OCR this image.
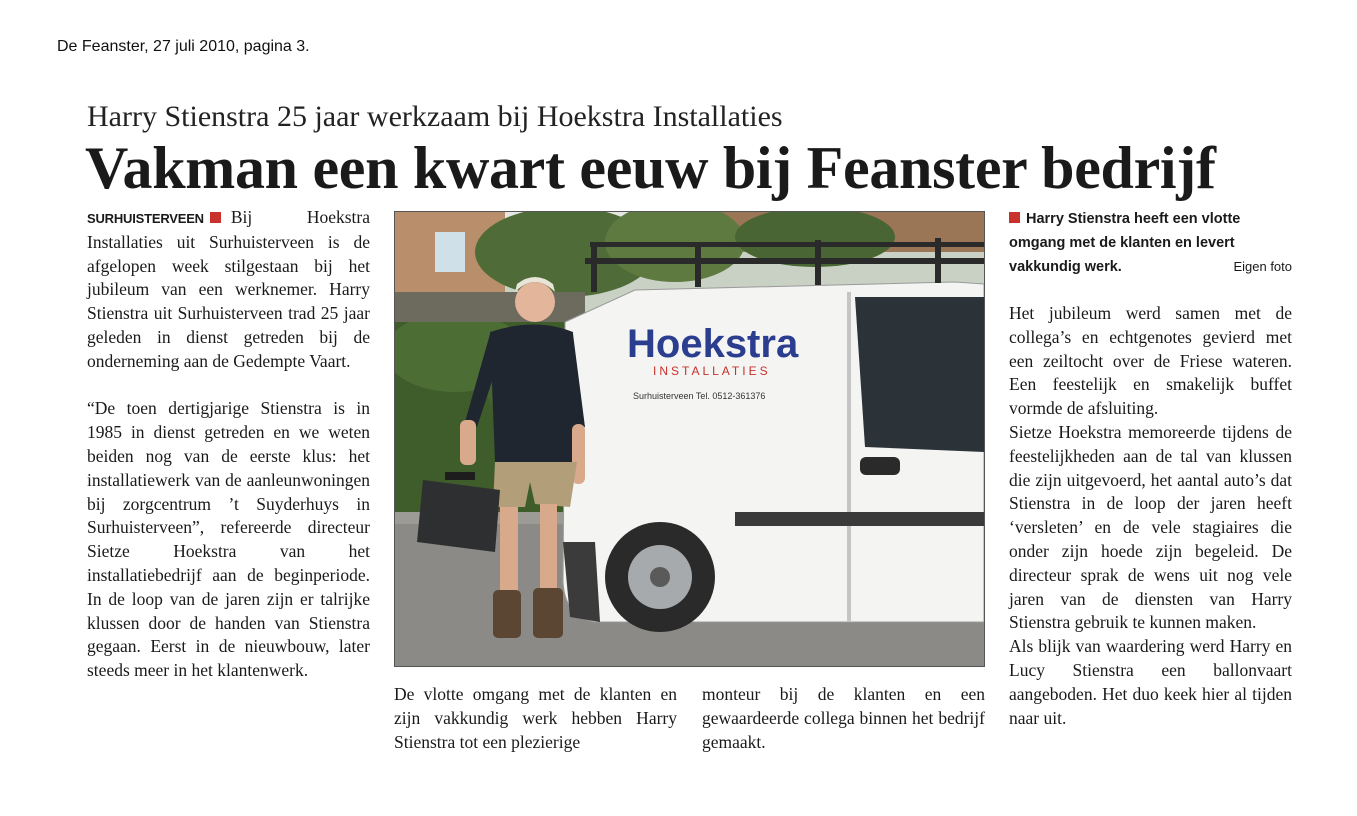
De Feanster, 27 juli 2010, pagina 3.
Harry Stienstra 25 jaar werkzaam bij Hoekstra Installaties
Vakman een kwart eeuw bij Feanster bedrijf

SURHUISTERVEEN Bij Hoekstra Installaties uit Surhuisterveen is de afgelopen week stilgestaan bij het jubileum van een werknemer. Harry Stienstra uit Surhuisterveen trad 25 jaar geleden in dienst getreden bij de onderneming aan de Gedempte Vaart.

“De toen dertigjarige Stienstra is in 1985 in dienst getreden en we weten beiden nog van de eerste klus: het installatiewerk van de aanleunwoningen bij zorgcentrum ’t Suyderhuys in Surhuisterveen”, refereerde directeur Sietze Hoekstra van het installatiebedrijf aan de beginperiode. In de loop van de jaren zijn er talrijke klussen door de handen van Stienstra gegaan. Eerst in de nieuwbouw, later steeds meer in het klantenwerk.

Hoekstra
INSTALLATIES
Surhuisterveen Tel. 0512-361376

De vlotte omgang met de klanten en zijn vakkundig werk hebben Harry Stienstra tot een plezierige

monteur bij de klanten en een gewaardeerde collega binnen het bedrijf gemaakt.

Harry Stienstra heeft een vlotte omgang met de klanten en levert vakkundig werk.	Eigen foto

Het jubileum werd samen met de collega’s en echtgenotes gevierd met een zeiltocht over de Friese wateren. Een feestelijk en smakelijk buffet vormde de afsluiting.

Sietze Hoekstra memoreerde tijdens de feestelijkheden aan de tal van klussen die zijn uitgevoerd, het aantal auto’s dat Stienstra in de loop der jaren heeft ‘versleten’ en de vele stagiaires die onder zijn hoede zijn begeleid. De directeur sprak de wens uit nog vele jaren van de diensten van Harry Stienstra gebruik te kunnen maken.

Als blijk van waardering werd Harry en Lucy Stienstra een ballonvaart aangeboden. Het duo keek hier al tijden naar uit.
